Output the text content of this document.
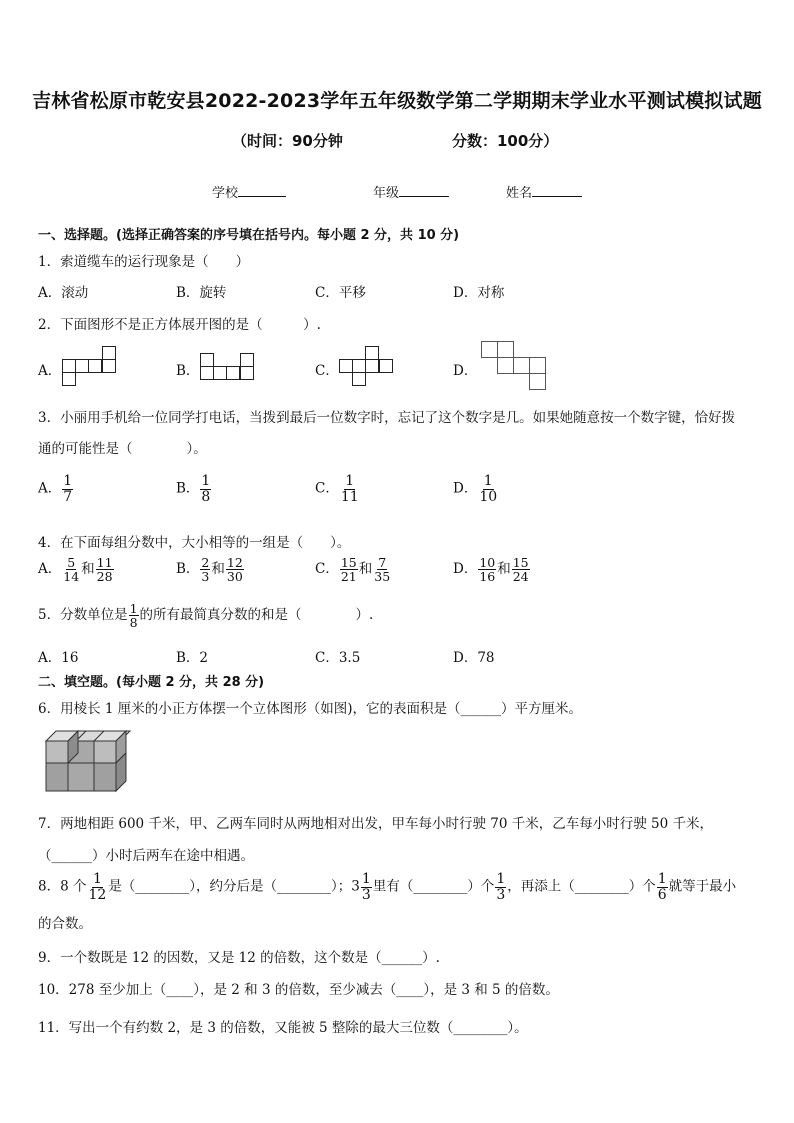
吉林省松原市乾安县2022-2023学年五年级数学第二学期期末学业水平测试模拟试题
（时间：90分钟	分数：100分）
学校	年级	姓名
一、选择题。(选择正确答案的序号填在括号内。每小题 2 分，共 10 分)
1．索道缆车的运行现象是（　　）
A．滚动	B．旋转	C．平移	D．对称
2．下面图形不是正方体展开图的是（　　　）.
A．	B．	C．	D．
3．小丽用手机给一位同学打电话，当拨到最后一位数字时，忘记了这个数字是几。如果她随意按一个数字键，恰好拨
通的可能性是（　　　　）。
A． $\frac{1}{7}$	B． $\frac{1}{8}$	C． $\frac{1}{11}$	D． $\frac{1}{10}$
4．在下面每组分数中，大小相等的一组是（　　）。
A． $\frac{5}{14}$ 和 $\frac{11}{28}$	B． $\frac{2}{3}$ 和 $\frac{12}{30}$	C． $\frac{15}{21}$ 和 $\frac{7}{35}$	D． $\frac{10}{16}$ 和 $\frac{15}{24}$
5．分数单位是 $\frac{1}{8}$ 的所有最简真分数的和是（　　　　）.
A．16	B．2	C．3.5	D．78
二、填空题。(每小题 2 分，共 28 分)
6．用棱长 1 厘米的小正方体摆一个立体图形（如图)，它的表面积是（______）平方厘米。
7．两地相距 600 千米，甲、乙两车同时从两地相对出发，甲车每小时行驶 70 千米，乙车每小时行驶 50 千米，
（______）小时后两车在途中相遇。
8．8 个 $\frac{1}{12}$ 是（________），约分后是（________）；$3 \frac{1}{3}$ 里有（________）个 $\frac{1}{3}$ ，再添上（________）个 $\frac{1}{6}$ 就等于最小
的合数。
9．一个数既是 12 的因数，又是 12 的倍数，这个数是（______）.
10．278 至少加上（____），是 2 和 3 的倍数，至少减去（____），是 3 和 5 的倍数。
11．写出一个有约数 2，是 3 的倍数，又能被 5 整除的最大三位数（________）。
